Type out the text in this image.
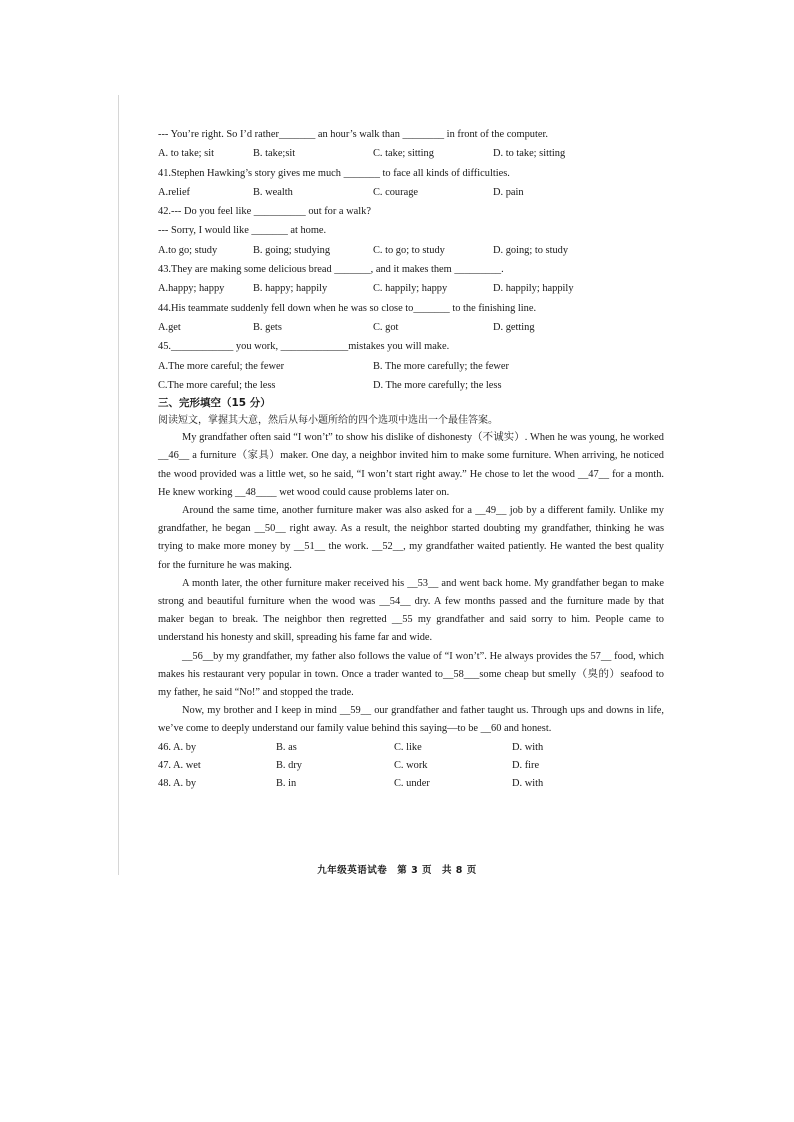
--- You’re right. So I’d rather_______ an hour’s walk than ________ in front of the computer.
A. to take; sit	B. take;sit	C. take; sitting	D. to take; sitting
41.Stephen Hawking’s story gives me much _______ to face all kinds of difficulties.
A.relief	B. wealth	C. courage	D. pain
42.--- Do you feel like __________ out for a walk?
--- Sorry, I would like _______ at home.
A.to go; study	B. going; studying	C. to go; to study	D. going; to study
43.They are making some delicious bread _______, and it makes them _________.
A.happy; happy	B. happy; happily	C. happily; happy	D. happily; happily
44.His teammate suddenly fell down when he was so close to_______ to the finishing line.
A.get	B. gets	C. got	D. getting
45.____________ you work, _____________mistakes you will make.
A.The more careful; the fewer	B. The more carefully; the fewer
C.The more careful; the less	D. The more carefully; the less
三、完形填空（15 分）
阅读短文，掌握其大意，然后从每小题所给的四个选项中选出一个最佳答案。

My grandfather often said “I won’t” to show his dislike of dishonesty（不诚实）. When he was young, he worked __46__ a furniture（家具）maker. One day, a neighbor invited him to make some furniture. When arriving, he noticed the wood provided was a little wet, so he said, “I won’t start right away.” He chose to let the wood __47__ for a month. He knew working __48____ wet wood could cause problems later on.

Around the same time, another furniture maker was also asked for a __49__ job by a different family. Unlike my grandfather, he began __50__ right away. As a result, the neighbor started doubting my grandfather, thinking he was trying to make more money by __51__ the work. __52__, my grandfather waited patiently. He wanted the best quality for the furniture he was making.

A month later, the other furniture maker received his __53__ and went back home. My grandfather began to make strong and beautiful furniture when the wood was __54__ dry. A few months passed and the furniture made by that maker began to break. The neighbor then regretted __55 my grandfather and said sorry to him. People came to understand his honesty and skill, spreading his fame far and wide.

__56__by my grandfather, my father also follows the value of “I won’t”. He always provides the 57__ food, which makes his restaurant very popular in town. Once a trader wanted to__58___some cheap but smelly（臭的）seafood to my father, he said “No!” and stopped the trade.

Now, my brother and I keep in mind __59__ our grandfather and father taught us. Through ups and downs in life, we’ve come to deeply understand our family value behind this saying—to be __60 and honest.

46. A. by	B. as	C. like	D. with
47. A. wet	B. dry	C. work	D. fire
48. A. by	B. in	C. under	D. with
九年级英语试卷　第 3 页　共 8 页
